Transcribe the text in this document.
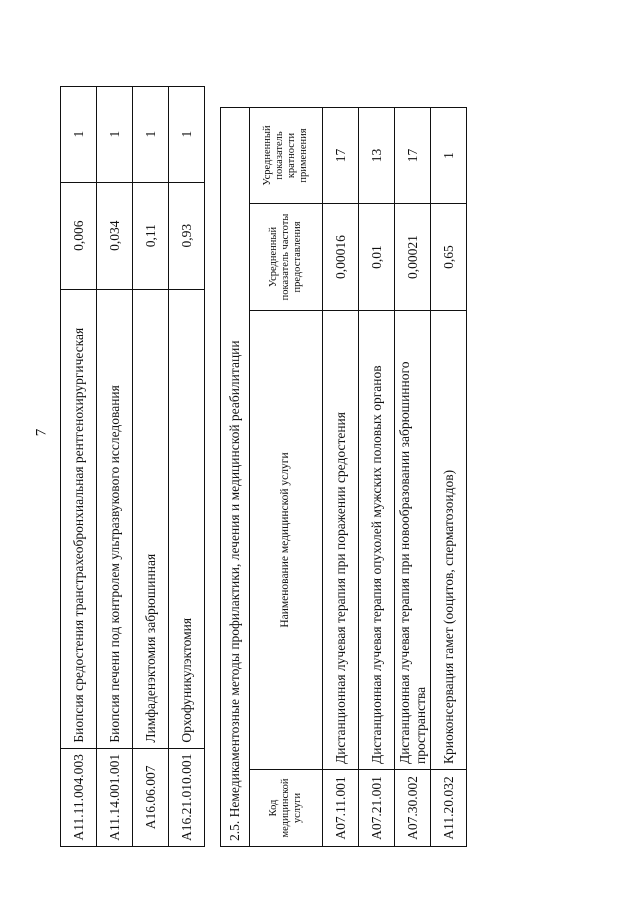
7
A11.11.004.003	Биопсия средостения транстрахеобронхиальная рентгенохирургическая	0,006	1
A11.14.001.001	Биопсия печени под контролем ультразвукового исследования	0,034	1
A16.06.007	Лимфаденэктомия забрюшинная	0,11	1
A16.21.010.001	Орхофуникулэктомия	0,93	1
2.5. Немедикаментозные методы профилактики, лечения и медицинской реабилитации			
Код медицинской услуги	Наименование медицинской услуги	Усредненный показатель частоты предоставления	Усредненный показатель кратности применения
A07.11.001	Дистанционная лучевая терапия при поражении средостения	0,00016	17
A07.21.001	Дистанционная лучевая терапия опухолей мужских половых органов	0,01	13
A07.30.002	Дистанционная лучевая терапия при новообразовании забрюшинного пространства	0,00021	17
A11.20.032	Криоконсервация гамет (ооцитов, сперматозоидов)	0,65	1
